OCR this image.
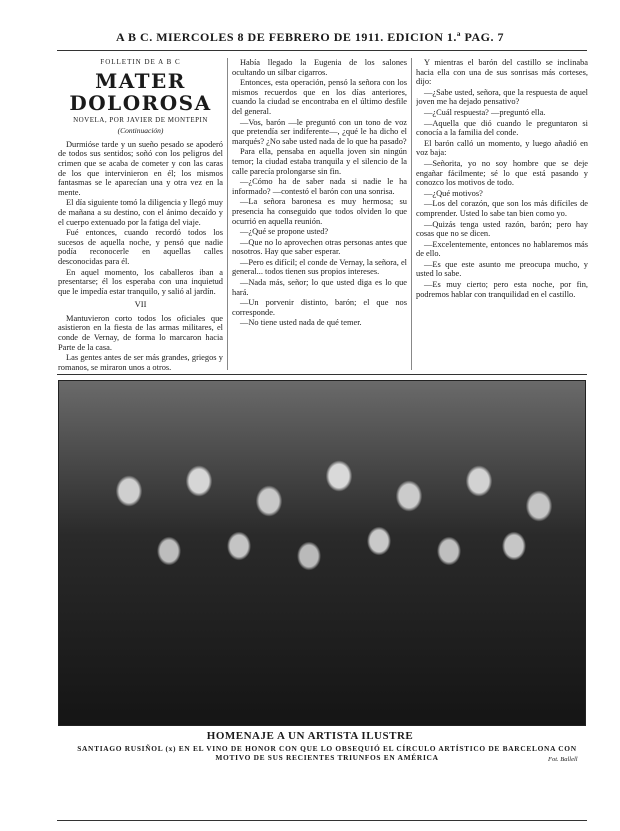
A B C. MIERCOLES 8 DE FEBRERO DE 1911. EDICION 1.ª PAG. 7
FOLLETIN DE A B C
MATER DOLOROSA
NOVELA, POR JAVIER DE MONTEPIN
(Continuación)

Durmióse tarde y un sueño pesado se apoderó de todos sus sentidos; soñó con los peligros del crimen que se acaba de cometer y con las caras de los que intervinieron en él; los mismos fantasmas se le aparecían una y otra vez en la mente.

El día siguiente tomó la diligencia y llegó muy de mañana a su destino, con el ánimo decaído y el cuerpo extenuado por la fatiga del viaje.

Fué entonces, cuando recordó todos los sucesos de aquella noche, y pensó que nadie podía reconocerle en aquellas calles desconocidas para él.

En aquel momento, los caballeros iban a presentarse; él los esperaba con una inquietud que le impedía estar tranquilo, y salió al jardín.

VII

Mantuvieron corto todos los oficiales que asistieron en la fiesta de las armas militares, el conde de Vernay, de forma lo marcaron hacia Parte de la casa.

Las gentes antes de ser más grandes, griegos y romanos, se miraron unos a otros.

Había llegado la Eugenia de los salones ocultando un silbar cigarros.

Entonces, esta operación, pensó la señora con los mismos recuerdos que en los días anteriores, cuando la ciudad se encontraba en el último desfile del general.

—Vos, barón —le preguntó con un tono de voz que pretendía ser indiferente—, ¿qué le ha dicho el marqués? ¿No sabe usted nada de lo que ha pasado?

Para ella, pensaba en aquella joven sin ningún temor; la ciudad estaba tranquila y el silencio de la calle parecía prolongarse sin fin.

—¿Cómo ha de saber nada si nadie le ha informado? —contestó el barón con una sonrisa.

—La señora baronesa es muy hermosa; su presencia ha conseguido que todos olviden lo que ocurrió en aquella reunión.

—¿Qué se propone usted?

—Que no lo aprovechen otras personas antes que nosotros. Hay que saber esperar.

—Pero es difícil; el conde de Vernay, la señora, el general... todos tienen sus propios intereses.

—Nada más, señor; lo que usted diga es lo que hará.

—Un porvenir distinto, barón; el que nos corresponde.

—No tiene usted nada de qué temer.

Y mientras el barón del castillo se inclinaba hacia ella con una de sus sonrisas más corteses, dijo:

—¿Sabe usted, señora, que la respuesta de aquel joven me ha dejado pensativo?

—¿Cuál respuesta? —preguntó ella.

—Aquella que dió cuando le preguntaron si conocía a la familia del conde.

El barón calló un momento, y luego añadió en voz baja:

—Señorita, yo no soy hombre que se deje engañar fácilmente; sé lo que está pasando y conozco los motivos de todo.

—¿Qué motivos?

—Los del corazón, que son los más difíciles de comprender. Usted lo sabe tan bien como yo.

—Quizás tenga usted razón, barón; pero hay cosas que no se dicen.

—Excelentemente, entonces no hablaremos más de ello.

—Es que este asunto me preocupa mucho, y usted lo sabe.

—Es muy cierto; pero esta noche, por fin, podremos hablar con tranquilidad en el castillo.

HOMENAJE A UN ARTISTA ILUSTRE
SANTIAGO RUSIÑOL (x) EN EL VINO DE HONOR CON QUE LO OBSEQUIÓ EL CÍRCULO ARTÍSTICO DE BARCELONA CON MOTIVO DE SUS RECIENTES TRIUNFOS EN AMÉRICA	Fot. Ballell
